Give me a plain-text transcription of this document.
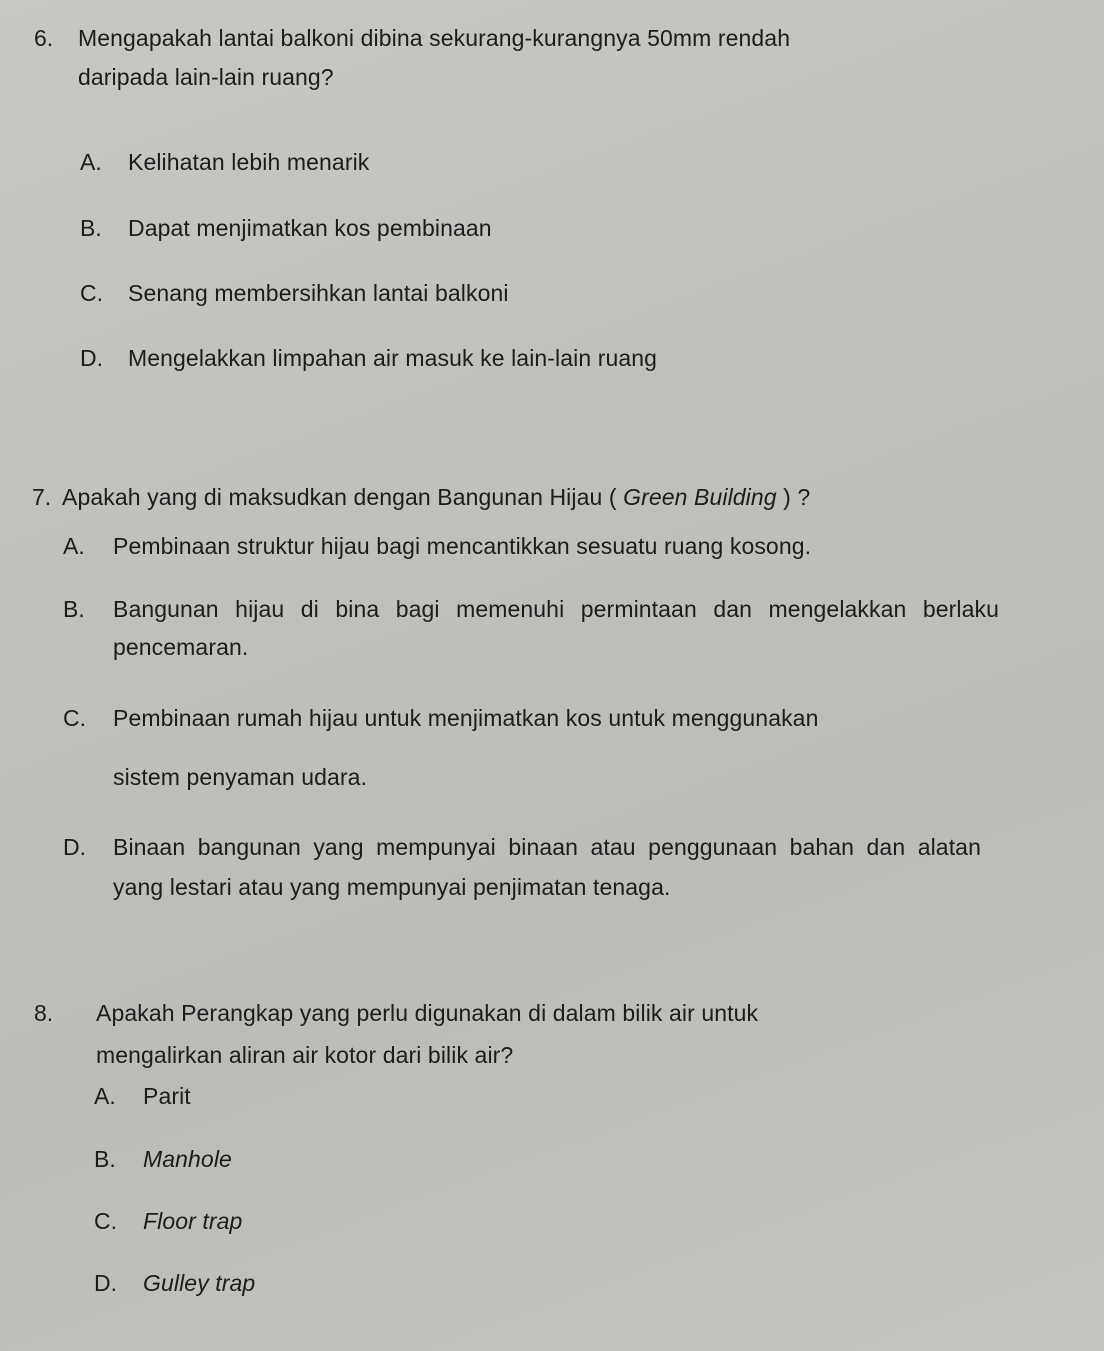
6. Mengapakah lantai balkoni dibina sekurang-kurangnya 50mm rendah
daripada lain-lain ruang?
A. Kelihatan lebih menarik
B. Dapat menjimatkan kos pembinaan
C. Senang membersihkan lantai balkoni
D. Mengelakkan limpahan air masuk ke lain-lain ruang
7. Apakah yang di maksudkan dengan Bangunan Hijau ( Green Building ) ?
A. Pembinaan struktur hijau bagi mencantikkan sesuatu ruang kosong.
B. Bangunan hijau di bina bagi memenuhi permintaan dan mengelakkan berlaku
pencemaran.
C. Pembinaan rumah hijau untuk menjimatkan kos untuk menggunakan
sistem penyaman udara.
D. Binaan bangunan yang mempunyai binaan atau penggunaan bahan dan alatan
yang lestari atau yang mempunyai penjimatan tenaga.
8. Apakah Perangkap yang perlu digunakan di dalam bilik air untuk
mengalirkan aliran air kotor dari bilik air?
A. Parit
B. Manhole
C. Floor trap
D. Gulley trap
